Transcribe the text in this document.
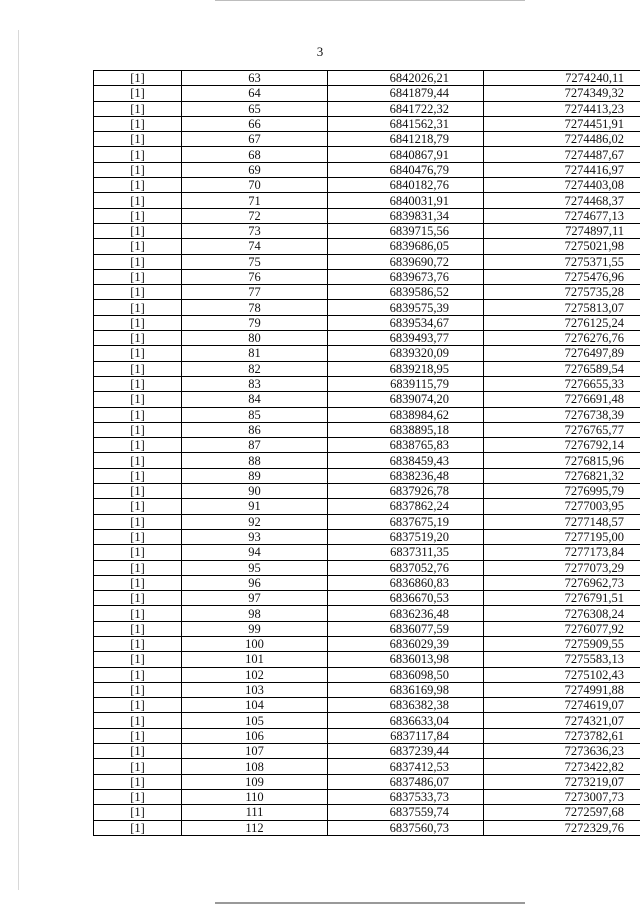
3
[1]	63	6842026,21	7274240,11
[1]	64	6841879,44	7274349,32
[1]	65	6841722,32	7274413,23
[1]	66	6841562,31	7274451,91
[1]	67	6841218,79	7274486,02
[1]	68	6840867,91	7274487,67
[1]	69	6840476,79	7274416,97
[1]	70	6840182,76	7274403,08
[1]	71	6840031,91	7274468,37
[1]	72	6839831,34	7274677,13
[1]	73	6839715,56	7274897,11
[1]	74	6839686,05	7275021,98
[1]	75	6839690,72	7275371,55
[1]	76	6839673,76	7275476,96
[1]	77	6839586,52	7275735,28
[1]	78	6839575,39	7275813,07
[1]	79	6839534,67	7276125,24
[1]	80	6839493,77	7276276,76
[1]	81	6839320,09	7276497,89
[1]	82	6839218,95	7276589,54
[1]	83	6839115,79	7276655,33
[1]	84	6839074,20	7276691,48
[1]	85	6838984,62	7276738,39
[1]	86	6838895,18	7276765,77
[1]	87	6838765,83	7276792,14
[1]	88	6838459,43	7276815,96
[1]	89	6838236,48	7276821,32
[1]	90	6837926,78	7276995,79
[1]	91	6837862,24	7277003,95
[1]	92	6837675,19	7277148,57
[1]	93	6837519,20	7277195,00
[1]	94	6837311,35	7277173,84
[1]	95	6837052,76	7277073,29
[1]	96	6836860,83	7276962,73
[1]	97	6836670,53	7276791,51
[1]	98	6836236,48	7276308,24
[1]	99	6836077,59	7276077,92
[1]	100	6836029,39	7275909,55
[1]	101	6836013,98	7275583,13
[1]	102	6836098,50	7275102,43
[1]	103	6836169,98	7274991,88
[1]	104	6836382,38	7274619,07
[1]	105	6836633,04	7274321,07
[1]	106	6837117,84	7273782,61
[1]	107	6837239,44	7273636,23
[1]	108	6837412,53	7273422,82
[1]	109	6837486,07	7273219,07
[1]	110	6837533,73	7273007,73
[1]	111	6837559,74	7272597,68
[1]	112	6837560,73	7272329,76
